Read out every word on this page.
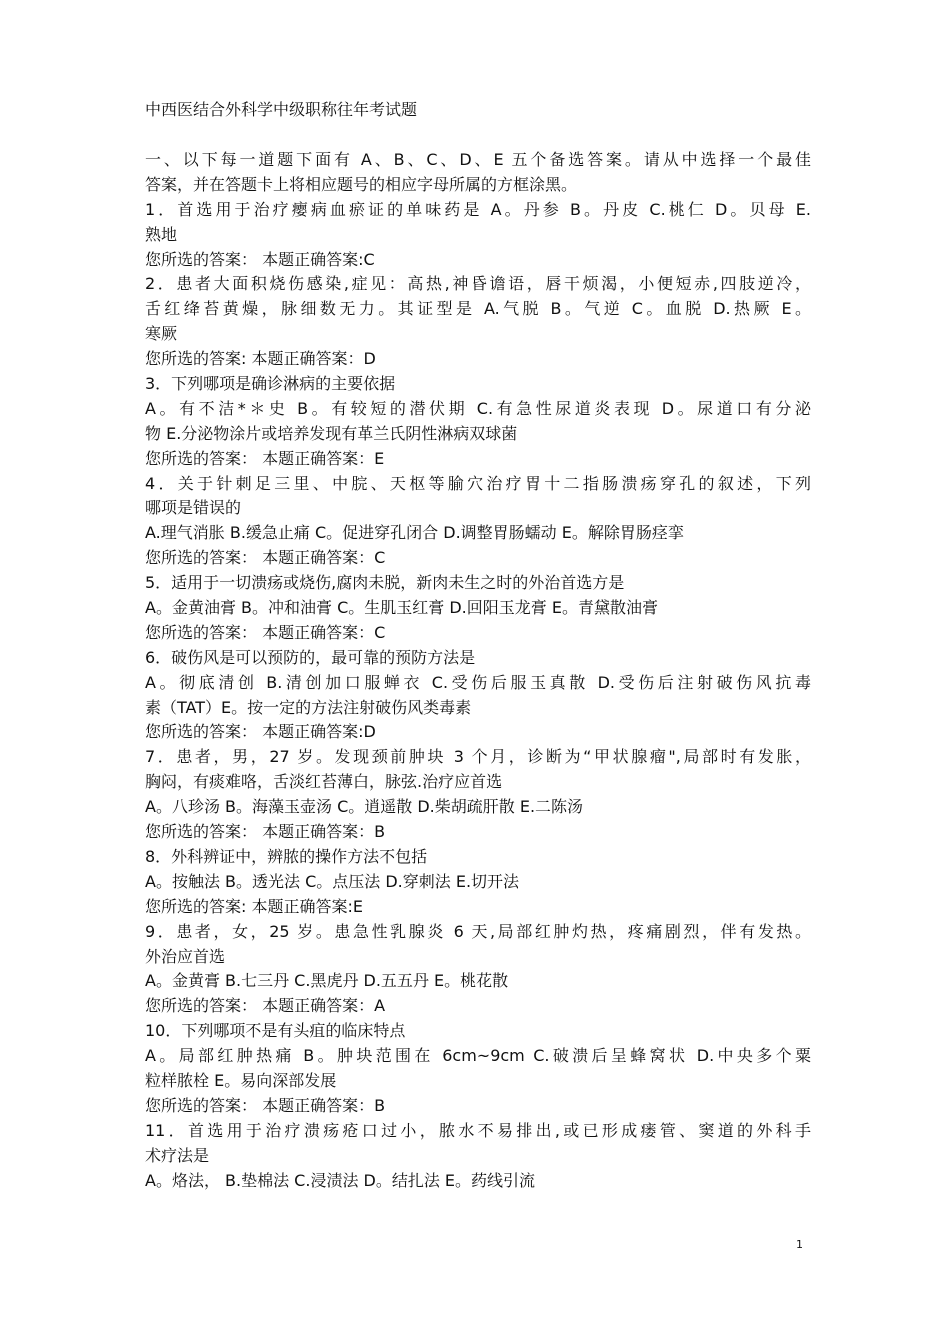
中西医结合外科学中级职称往年考试题
一、以下每一道题下面有 A、B、C、D、E 五个备选答案。请从中选择一个最佳
答案，并在答题卡上将相应题号的相应字母所属的方框涂黑。
1．首选用于治疗瘿病血瘀证的单味药是 A。丹参 B。丹皮 C.桃仁 D。贝母 E.
熟地
您所选的答案： 本题正确答案:C
2．患者大面积烧伤感染,症见：高热,神昏谵语，唇干烦渴，小便短赤,四肢逆冷，
舌红绛苔黄燥，脉细数无力。其证型是 A.气脱 B。气逆 C。血脱 D.热厥 E。
寒厥
您所选的答案: 本题正确答案：D
3．下列哪项是确诊淋病的主要依据
A。有不洁*＊史 B。有较短的潜伏期 C.有急性尿道炎表现 D。尿道口有分泌
物 E.分泌物涂片或培养发现有革兰氏阴性淋病双球菌
您所选的答案： 本题正确答案：E
4．关于针刺足三里、中脘、天枢等腧穴治疗胃十二指肠溃疡穿孔的叙述，下列
哪项是错误的
A.理气消胀 B.缓急止痛 C。促进穿孔闭合 D.调整胃肠蠕动 E。解除胃肠痉挛
您所选的答案： 本题正确答案：C
5．适用于一切溃疡或烧伤,腐肉未脱，新肉未生之时的外治首选方是
A。金黄油膏 B。冲和油膏 C。生肌玉红膏 D.回阳玉龙膏 E。青黛散油膏
您所选的答案： 本题正确答案：C
6．破伤风是可以预防的，最可靠的预防方法是
A。彻底清创 B.清创加口服蝉衣 C.受伤后服玉真散 D.受伤后注射破伤风抗毒
素（TAT）E。按一定的方法注射破伤风类毒素
您所选的答案： 本题正确答案:D
7．患者，男，27 岁。发现颈前肿块 3 个月，诊断为“甲状腺瘤",局部时有发胀，
胸闷，有痰难咯，舌淡红苔薄白，脉弦.治疗应首选
A。八珍汤 B。海藻玉壶汤 C。逍遥散 D.柴胡疏肝散 E.二陈汤
您所选的答案： 本题正确答案：B
8．外科辨证中，辨脓的操作方法不包括
A。按触法 B。透光法 C。点压法 D.穿刺法 E.切开法
您所选的答案: 本题正确答案:E
9．患者，女，25 岁。患急性乳腺炎 6 天,局部红肿灼热，疼痛剧烈，伴有发热。
外治应首选
A。金黄膏 B.七三丹 C.黑虎丹 D.五五丹 E。桃花散
您所选的答案： 本题正确答案：A
10．下列哪项不是有头疽的临床特点
A。局部红肿热痛 B。肿块范围在 6cm~9cm C.破溃后呈蜂窝状 D.中央多个粟
粒样脓栓 E。易向深部发展
您所选的答案： 本题正确答案：B
11．首选用于治疗溃疡疮口过小，脓水不易排出,或已形成瘘管、窦道的外科手
术疗法是
A。烙法， B.垫棉法 C.浸渍法 D。结扎法 E。药线引流
1
